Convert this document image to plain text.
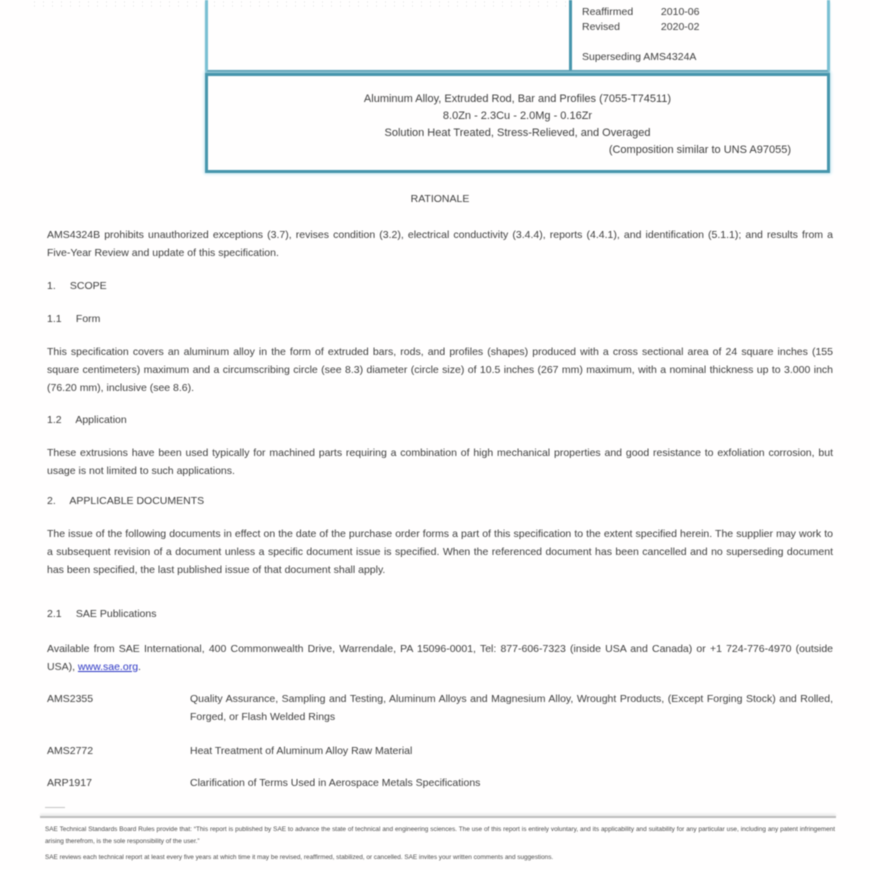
Reaffirmed	2010-06
Revised	2020-02
Superseding AMS4324A
Aluminum Alloy, Extruded Rod, Bar and Profiles (7055-T74511)
8.0Zn - 2.3Cu - 2.0Mg - 0.16Zr
Solution Heat Treated, Stress-Relieved, and Overaged
(Composition similar to UNS A97055)
RATIONALE
AMS4324B prohibits unauthorized exceptions (3.7), revises condition (3.2), electrical conductivity (3.4.4), reports (4.4.1), and identification (5.1.1); and results from a Five-Year Review and update of this specification.
1. SCOPE
1.1 Form
This specification covers an aluminum alloy in the form of extruded bars, rods, and profiles (shapes) produced with a cross sectional area of 24 square inches (155 square centimeters) maximum and a circumscribing circle (see 8.3) diameter (circle size) of 10.5 inches (267 mm) maximum, with a nominal thickness up to 3.000 inch (76.20 mm), inclusive (see 8.6).
1.2 Application
These extrusions have been used typically for machined parts requiring a combination of high mechanical properties and good resistance to exfoliation corrosion, but usage is not limited to such applications.
2. APPLICABLE DOCUMENTS
The issue of the following documents in effect on the date of the purchase order forms a part of this specification to the extent specified herein. The supplier may work to a subsequent revision of a document unless a specific document issue is specified. When the referenced document has been cancelled and no superseding document has been specified, the last published issue of that document shall apply.
2.1 SAE Publications
Available from SAE International, 400 Commonwealth Drive, Warrendale, PA 15096-0001, Tel: 877-606-7323 (inside USA and Canada) or +1 724-776-4970 (outside USA), www.sae.org.
AMS2355	Quality Assurance, Sampling and Testing, Aluminum Alloys and Magnesium Alloy, Wrought Products, (Except Forging Stock) and Rolled, Forged, or Flash Welded Rings
AMS2772	Heat Treatment of Aluminum Alloy Raw Material
ARP1917	Clarification of Terms Used in Aerospace Metals Specifications
SAE Technical Standards Board Rules provide that: “This report is published by SAE to advance the state of technical and engineering sciences. The use of this report is entirely voluntary, and its applicability and suitability for any particular use, including any patent infringement arising therefrom, is the sole responsibility of the user.”
SAE reviews each technical report at least every five years at which time it may be revised, reaffirmed, stabilized, or cancelled. SAE invites your written comments and suggestions.
